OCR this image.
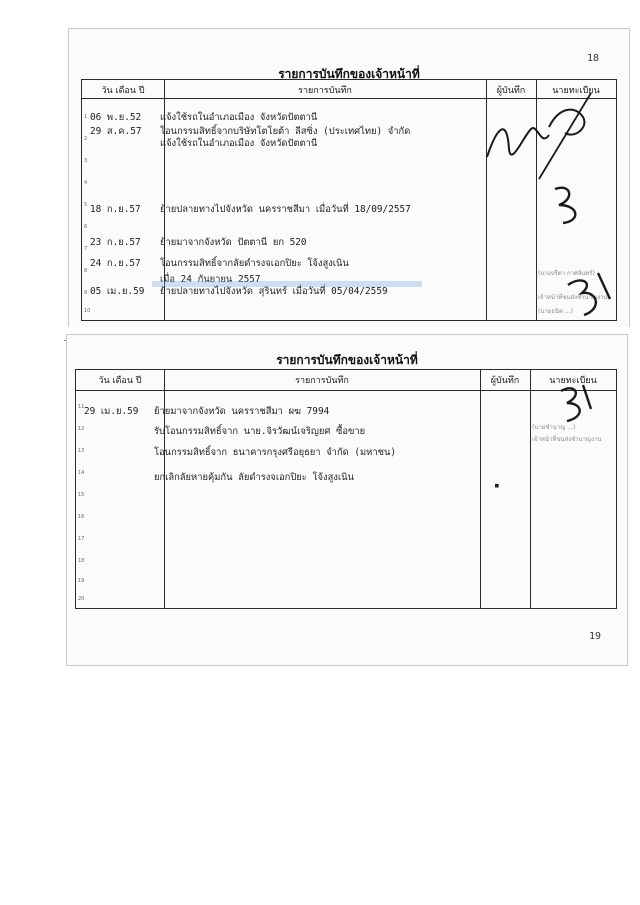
18
รายการบันทึกของเจ้าหน้าที่
วัน เดือน ปี	รายการบันทึก	ผู้บันทึก	นายทะเบียน
1
2
3
4
5
6
7
8
9
10
06 พ.ย.52 แจ้งใช้รถในอำเภอเมือง จังหวัดปัตตานี
29 ส.ค.57 โอนกรรมสิทธิ์จากบริษัทโตโยต้า ลีสซิ่ง (ประเทศไทย) จำกัด
แจ้งใช้รถในอำเภอเมือง จังหวัดปัตตานี
18 ก.ย.57 ย้ายปลายทางไปจังหวัด นครราชสีมา เมื่อวันที่ 18/09/2557
23 ก.ย.57 ย้ายมาจากจังหวัด ปัตตานี ยก 520
24 ก.ย.57 โอนกรรมสิทธิ์จากลัยดำรงจเอกปิยะ โจ้งสูงเนิน
เมื่อ 24 กันยายน 2557
05 เม.ย.59 ย้ายปลายทางไปจังหวัด สุรินทร์ เมื่อวันที่ 05/04/2559
(นางปรีดา กาศจันทร์)
เจ้าหน้าที่ขนส่งชำนาญงาน
(นายธนิต ...)
รายการบันทึกของเจ้าหน้าที่
วัน เดือน ปี	รายการบันทึก	ผู้บันทึก	นายทะเบียน
11
12
13
14
15
16
17
18
19
20
29 เม.ย.59 ย้ายมาจากจังหวัด นครราชสีมา ผฆ 7994
รับโอนกรรมสิทธิ์จาก นาย.จิรวัฒน์เจริญยศ ซื้อขาย
โอนกรรมสิทธิ์จาก ธนาคารกรุงศรีอยุธยา จำกัด (มหาชน)
ยกเลิกลัยหายคุ้มกัน ลัยดำรงจเอกปิยะ โจ้งสูงเนิน
▪
(นายชำนาญ ...)
เจ้าหน้าที่ขนส่งชำนาญงาน
19
